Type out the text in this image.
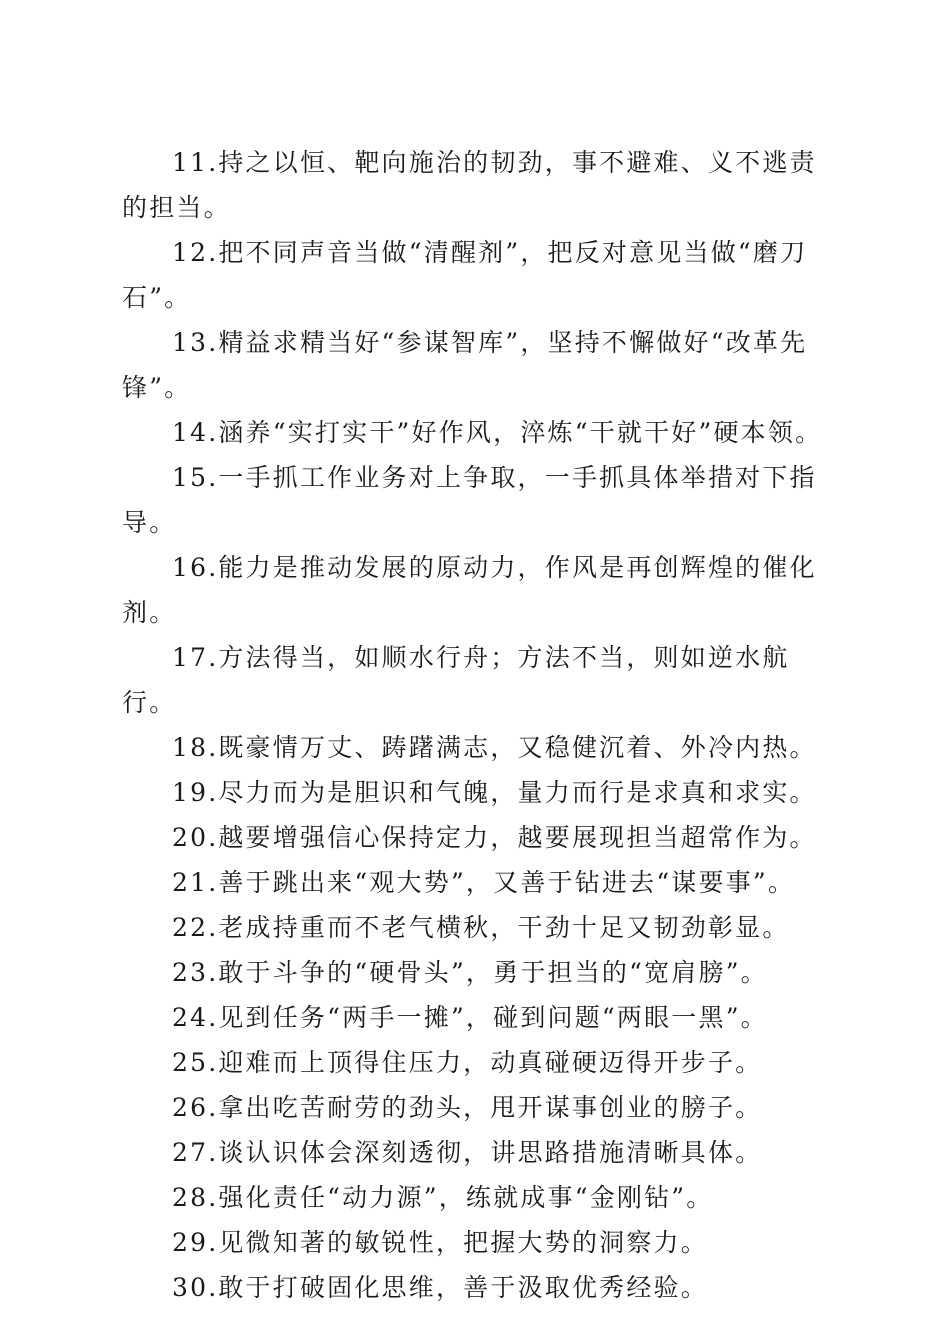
11.持之以恒、靶向施治的韧劲，事不避难、义不逃责的担当。

12.把不同声音当做“清醒剂”，把反对意见当做“磨刀石”。

13.精益求精当好“参谋智库”，坚持不懈做好“改革先锋”。

14.涵养“实打实干”好作风，淬炼“干就干好”硬本领。

15.一手抓工作业务对上争取，一手抓具体举措对下指导。

16.能力是推动发展的原动力，作风是再创辉煌的催化剂。

17.方法得当，如顺水行舟；方法不当，则如逆水航行。

18.既豪情万丈、踌躇满志，又稳健沉着、外冷内热。

19.尽力而为是胆识和气魄，量力而行是求真和求实。

20.越要增强信心保持定力，越要展现担当超常作为。

21.善于跳出来“观大势”，又善于钻进去“谋要事”。

22.老成持重而不老气横秋，干劲十足又韧劲彰显。

23.敢于斗争的“硬骨头”，勇于担当的“宽肩膀”。

24.见到任务“两手一摊”，碰到问题“两眼一黑”。

25.迎难而上顶得住压力，动真碰硬迈得开步子。

26.拿出吃苦耐劳的劲头，甩开谋事创业的膀子。

27.谈认识体会深刻透彻，讲思路措施清晰具体。

28.强化责任“动力源”，练就成事“金刚钻”。

29.见微知著的敏锐性，把握大势的洞察力。

30.敢于打破固化思维，善于汲取优秀经验。
